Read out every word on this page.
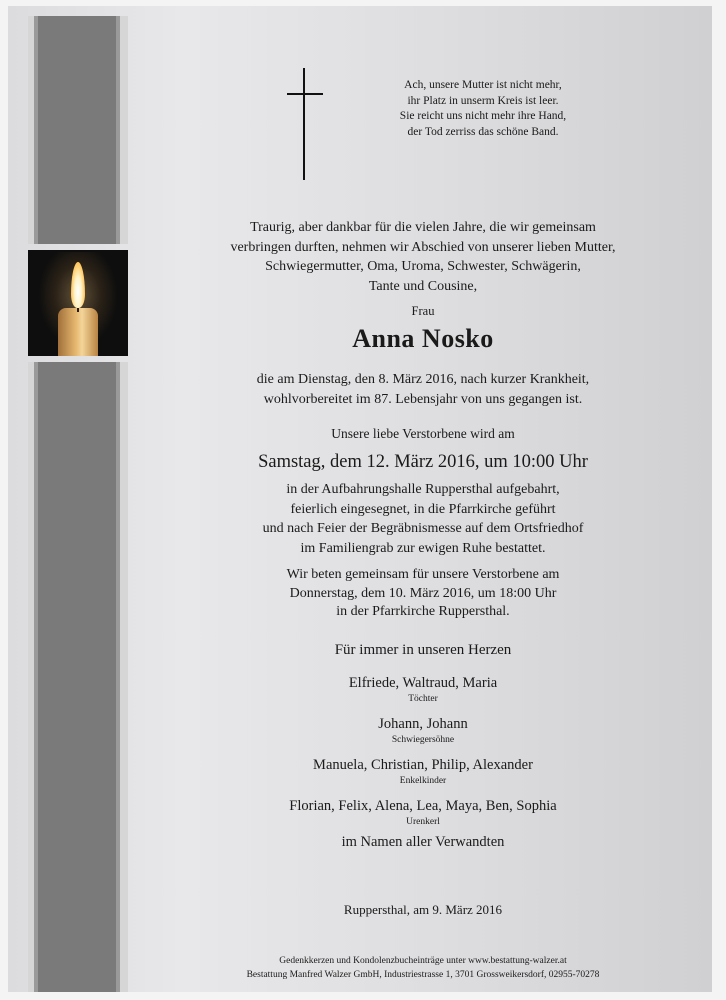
Ach, unsere Mutter ist nicht mehr,
ihr Platz in unserm Kreis ist leer.
Sie reicht uns nicht mehr ihre Hand,
der Tod zerriss das schöne Band.
Traurig, aber dankbar für die vielen Jahre, die wir gemeinsam
verbringen durften, nehmen wir Abschied von unserer lieben Mutter,
Schwiegermutter, Oma, Uroma, Schwester, Schwägerin,
Tante und Cousine,
Frau
Anna Nosko
die am Dienstag, den 8. März 2016, nach kurzer Krankheit,
wohlvorbereitet im 87. Lebensjahr von uns gegangen ist.
Unsere liebe Verstorbene wird am
Samstag, dem 12. März 2016, um 10:00 Uhr
in der Aufbahrungshalle Ruppersthal aufgebahrt,
feierlich eingesegnet, in die Pfarrkirche geführt
und nach Feier der Begräbnismesse auf dem Ortsfriedhof
im Familiengrab zur ewigen Ruhe bestattet.
Wir beten gemeinsam für unsere Verstorbene am
Donnerstag, dem 10. März 2016, um 18:00 Uhr
in der Pfarrkirche Ruppersthal.
Für immer in unseren Herzen
Elfriede, Waltraud, Maria
Töchter
Johann, Johann
Schwiegersöhne
Manuela, Christian, Philip, Alexander
Enkelkinder
Florian, Felix, Alena, Lea, Maya, Ben, Sophia
Urenkerl
im Namen aller Verwandten
Ruppersthal, am 9. März 2016
Gedenkkerzen und Kondolenzbucheinträge unter www.bestattung-walzer.at
Bestattung Manfred Walzer GmbH, Industriestrasse 1, 3701 Grossweikersdorf, 02955-70278
